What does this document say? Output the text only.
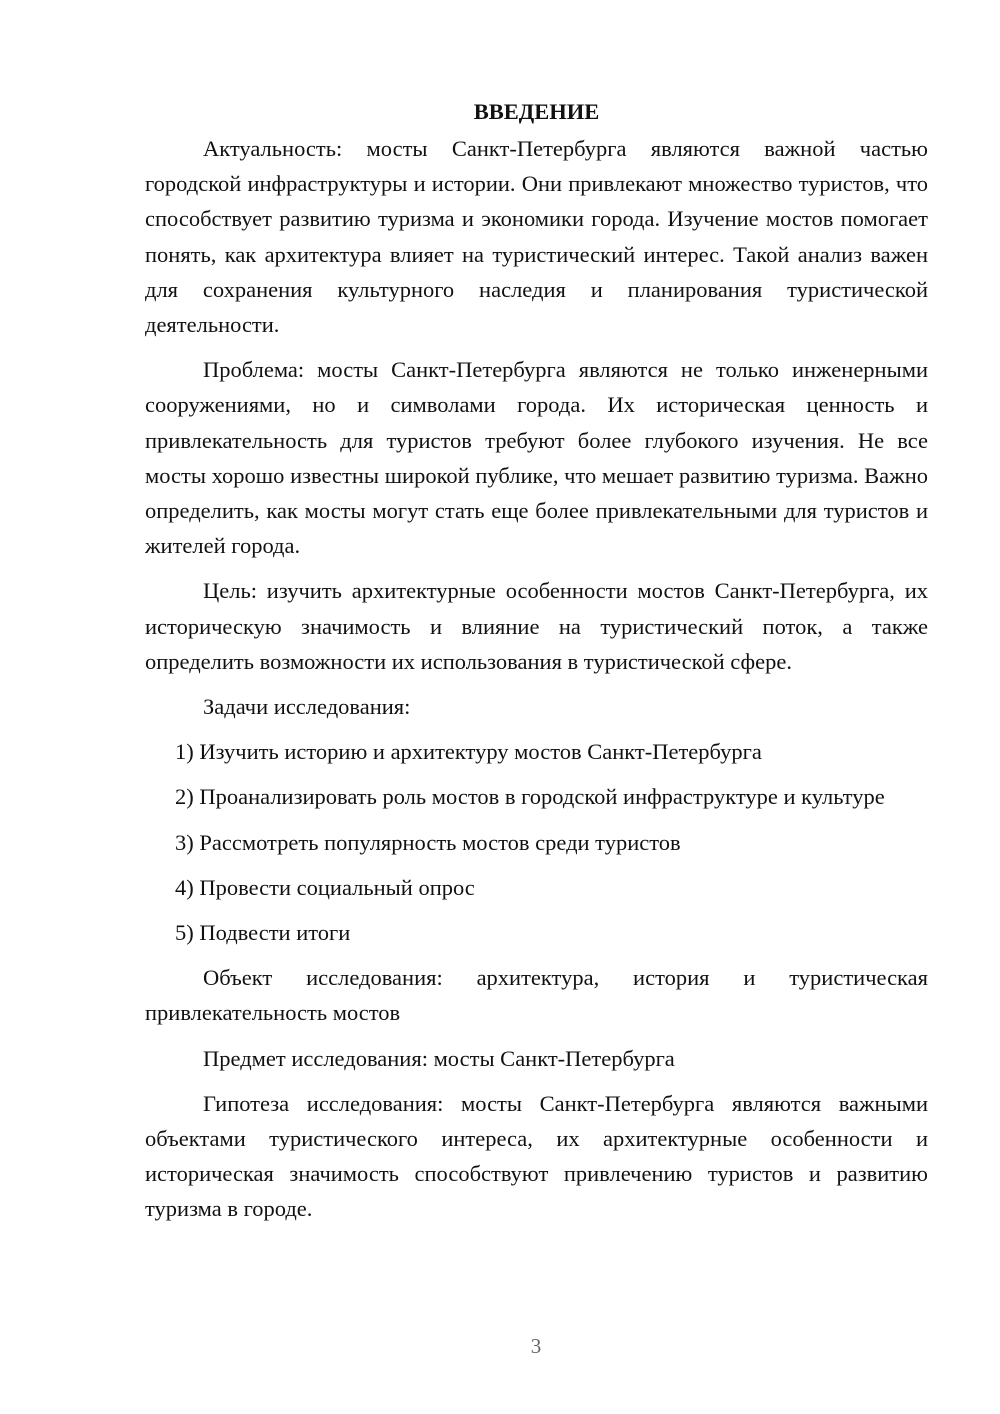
ВВЕДЕНИЕ

Актуальность: мосты Санкт-Петербурга являются важной частью городской инфраструктуры и истории. Они привлекают множество туристов, что способствует развитию туризма и экономики города. Изучение мостов помогает понять, как архитектура влияет на туристический интерес. Такой анализ важен для сохранения культурного наследия и планирования туристической деятельности.

Проблема: мосты Санкт-Петербурга являются не только инженерными сооружениями, но и символами города. Их историческая ценность и привлекательность для туристов требуют более глубокого изучения. Не все мосты хорошо известны широкой публике, что мешает развитию туризма. Важно определить, как мосты могут стать еще более привлекательными для туристов и жителей города.

Цель: изучить архитектурные особенности мостов Санкт-Петербурга, их историческую значимость и влияние на туристический поток, а также определить возможности их использования в туристической сфере.

Задачи исследования:

1) Изучить историю и архитектуру мостов Санкт-Петербурга

2) Проанализировать роль мостов в городской инфраструктуре и культуре

3) Рассмотреть популярность мостов среди туристов

4) Провести социальный опрос

5) Подвести итоги

Объект исследования: архитектура, история и туристическая привлекательность мостов

Предмет исследования: мосты Санкт-Петербурга

Гипотеза исследования: мосты Санкт-Петербурга являются важными объектами туристического интереса, их архитектурные особенности и историческая значимость способствуют привлечению туристов и развитию туризма в городе.

3
